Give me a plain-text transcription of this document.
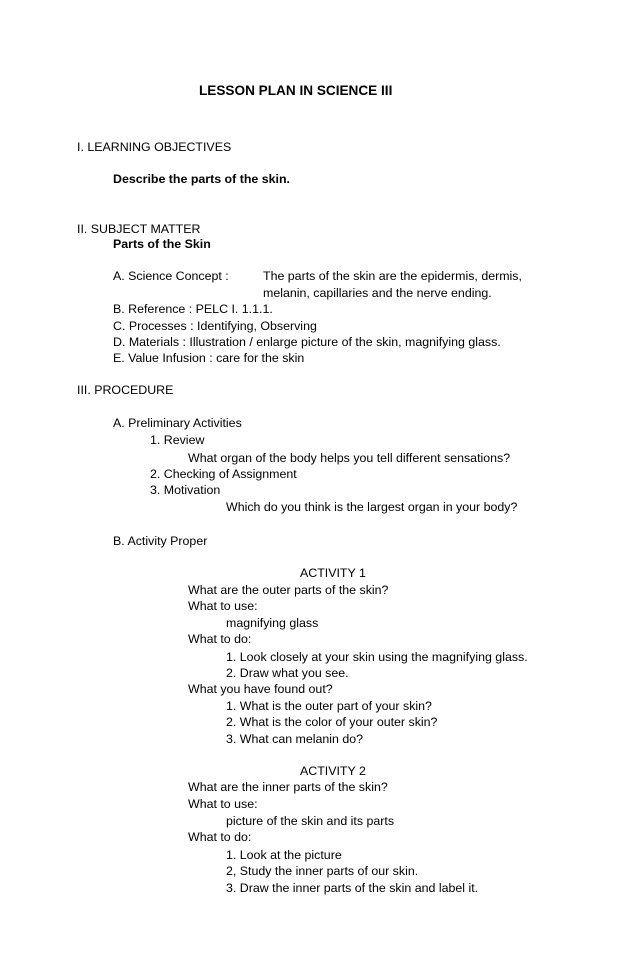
LESSON PLAN IN SCIENCE III
I. LEARNING OBJECTIVES
Describe the parts of the skin.
II. SUBJECT MATTER
Parts of the Skin
A. Science Concept :	The parts of the skin are the epidermis, dermis,
melanin, capillaries and the nerve ending.
B. Reference : PELC I. 1.1.1.
C. Processes : Identifying, Observing
D. Materials : Illustration / enlarge picture of the skin, magnifying glass.
E. Value Infusion : care for the skin
III. PROCEDURE
A. Preliminary Activities
1. Review
What organ of the body helps you tell different sensations?
2. Checking of Assignment
3. Motivation
Which do you think is the largest organ in your body?
B. Activity Proper
ACTIVITY 1
What are the outer parts of the skin?
What to use:
magnifying glass
What to do:
1. Look closely at your skin using the magnifying glass.
2. Draw what you see.
What you have found out?
1. What is the outer part of your skin?
2. What is the color of your outer skin?
3. What can melanin do?
ACTIVITY 2
What are the inner parts of the skin?
What to use:
picture of the skin and its parts
What to do:
1. Look at the picture
2, Study the inner parts of our skin.
3. Draw the inner parts of the skin and label it.
